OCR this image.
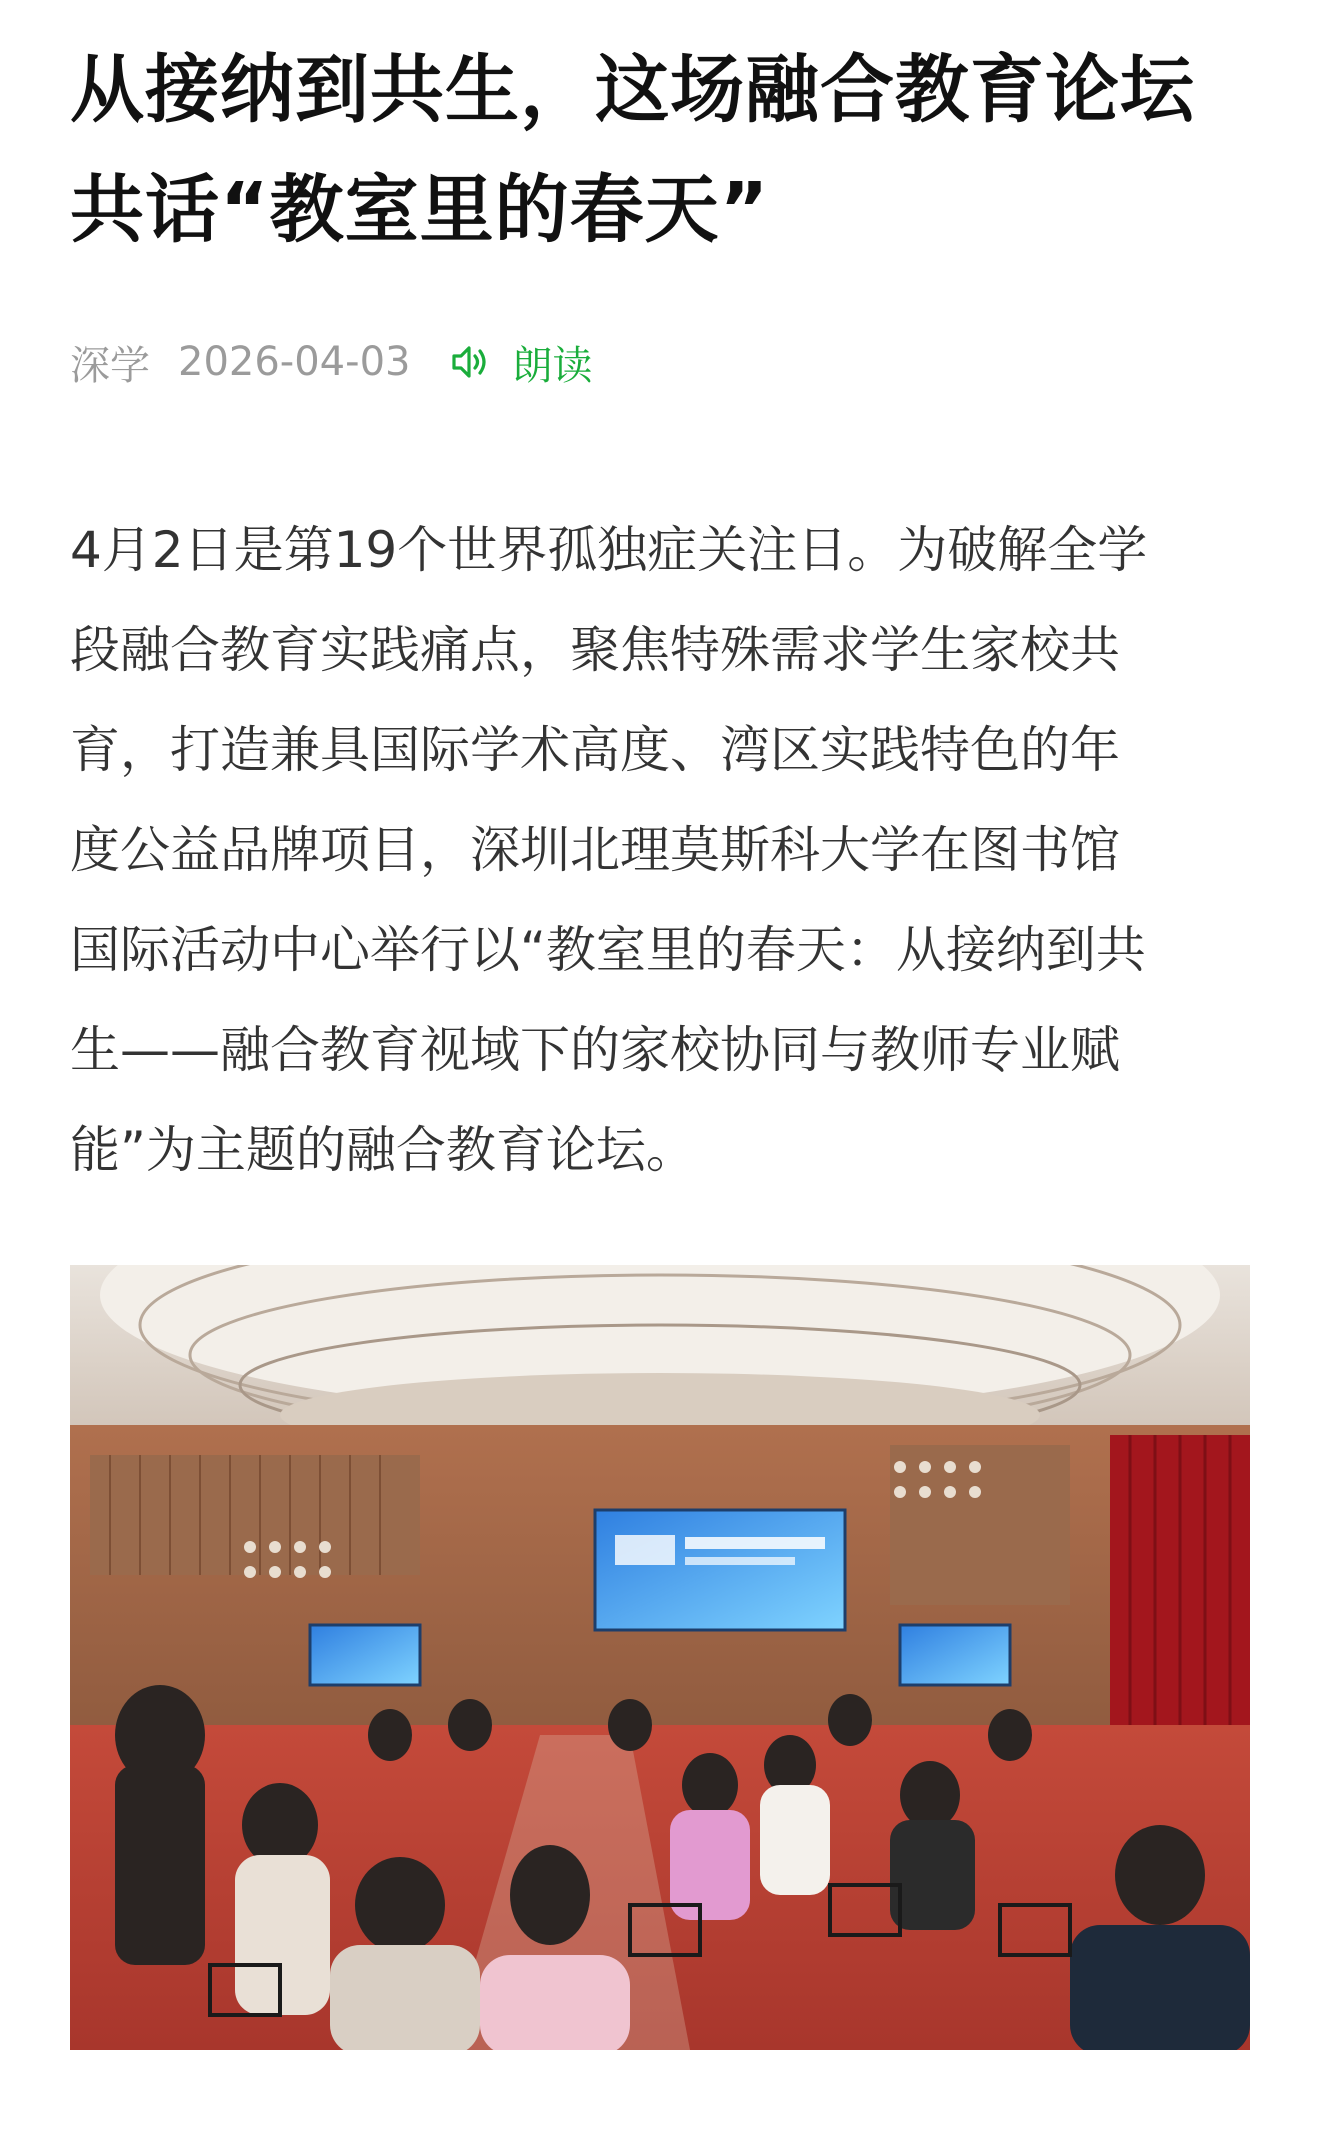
从接纳到共生，这场融合教育论坛
共话“教室里的春天”
深学 2026-04-03	朗读
4月2日是第19个世界孤独症关注日。为破解全学
段融合教育实践痛点，聚焦特殊需求学生家校共
育，打造兼具国际学术高度、湾区实践特色的年
度公益品牌项目，深圳北理莫斯科大学在图书馆
国际活动中心举行以“教室里的春天：从接纳到共
生——融合教育视域下的家校协同与教师专业赋
能”为主题的融合教育论坛。
